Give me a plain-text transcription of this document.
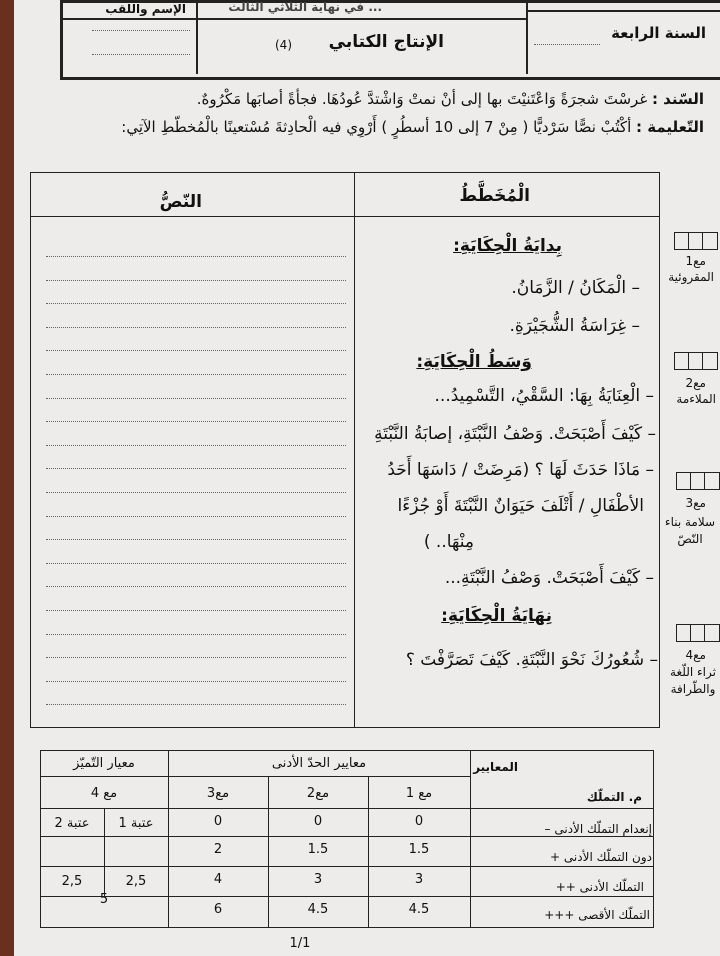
... في نهاية الثلاثي الثالث
الإسم واللقب
الإنتاج الكتابي
(4)
السنة الرابعة
السّند : غرسْتَ شجرَةً وَاعْتَنيْتَ بها إلى أنْ نمتْ وَاشْتدَّ عُودُهَا. فجأةً أصابَها مَكْرُوهٌ.
التّعليمة : أكْتُبْ نصًّا سَرْديًّا ( مِنْ 7 إلى 10 أسطُرٍ ) أَرْوِي فيه الْحادِثةَ مُسْتعينًا بالْمُخطّطِ الآتِي:
الْمُخَطَّطُ
النّصُّ
بِدايَةُ الْحِكَايَةِ:
– الْمَكَانُ / الزَّمَانُ.
– غِرَاسَةُ الشُّجَيْرَةِ.
وَسَطُ الْحِكَايَةِ:
– الْعِنَايَةُ بِهَا: السَّقْيُ، التَّسْمِيدُ...
– كَيْفَ أَصْبَحَتْ. وَصْفُ النَّبْتَةِ، إصابَةُ النَّبْتَةِ
– مَاذَا حَدَثَ لَهَا ؟ (مَرِضَتْ / دَاسَهَا أَحَدُ
الأطْفَالِ / أَتْلَفَ حَيَوَانٌ النَّبْتَةَ أَوْ جُزْءًا
مِنْهَا.. )
– كَيْفَ أَصْبَحَتْ. وَصْفُ النَّبْتَةِ...
نِهَايَةُ الْحِكَايَةِ:
– شُعُورُكَ نَحْوَ النَّبْتَةِ. كَيْفَ تَصَرَّفْتَ ؟
مع1
المقروئية
مع2
الملاءمة
مع3
سلامة بناء النّصّ
مع4
ثراء اللّغة والطّرافة
المعايير
م. التملّك
معايير الحدّ الأدنى
معيار التّميّز
مع 1
مع2
مع3
مع 4
عتبة 1
عتبة 2	إنعدام التملّك الأدنى –
0
0
0
دون التملّك الأدنى +
1.5
1.5
2
التملّك الأدنى ++
3
3
4
2,5
2,5
التملّك الأقصى +++
4.5
4.5
6
5
1/1
